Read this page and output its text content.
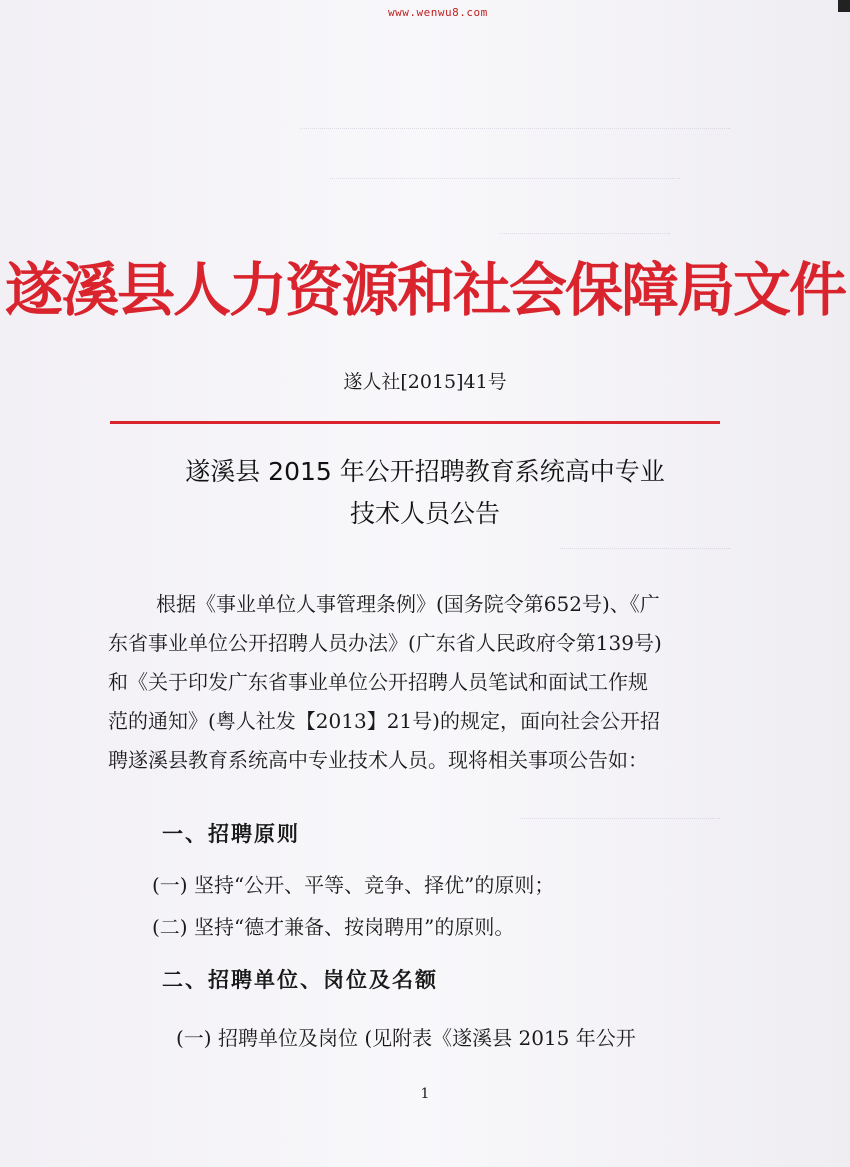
www.wenwu8.com
遂溪县人力资源和社会保障局文件
遂人社[2015]41号
遂溪县 2015 年公开招聘教育系统高中专业
技术人员公告
根据《事业单位人事管理条例》(国务院令第652号)、《广
东省事业单位公开招聘人员办法》(广东省人民政府令第139号)
和《关于印发广东省事业单位公开招聘人员笔试和面试工作规
范的通知》(粤人社发【2013】21号)的规定，面向社会公开招
聘遂溪县教育系统高中专业技术人员。现将相关事项公告如：
一、招聘原则
(一) 坚持“公开、平等、竞争、择优”的原则；
(二) 坚持“德才兼备、按岗聘用”的原则。
二、招聘单位、岗位及名额
(一) 招聘单位及岗位 (见附表《遂溪县 2015 年公开
1
